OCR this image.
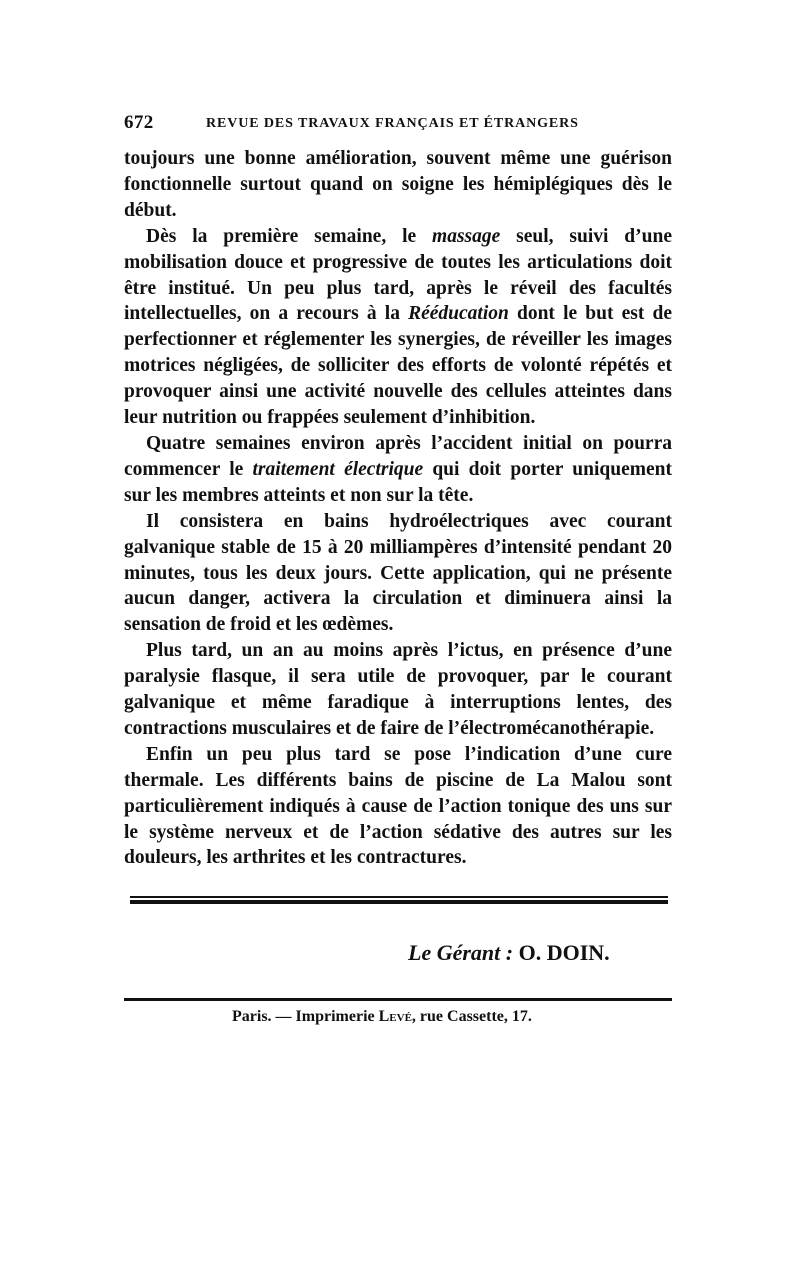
672	REVUE DES TRAVAUX FRANÇAIS ET ÉTRANGERS

toujours une bonne amélioration, souvent même une guérison fonctionnelle surtout quand on soigne les hémiplégiques dès le début.

Dès la première semaine, le massage seul, suivi d’une mobilisation douce et progressive de toutes les articulations doit être institué. Un peu plus tard, après le réveil des facultés intellectuelles, on a recours à la Rééducation dont le but est de perfectionner et réglementer les synergies, de réveiller les images motrices négligées, de solliciter des efforts de volonté répétés et provoquer ainsi une activité nouvelle des cellules atteintes dans leur nutrition ou frappées seulement d’inhibition.

Quatre semaines environ après l’accident initial on pourra commencer le traitement électrique qui doit porter uniquement sur les membres atteints et non sur la tête.

Il consistera en bains hydroélectriques avec courant galvanique stable de 15 à 20 milliampères d’intensité pendant 20 minutes, tous les deux jours. Cette application, qui ne présente aucun danger, activera la circulation et diminuera ainsi la sensation de froid et les œdèmes.

Plus tard, un an au moins après l’ictus, en présence d’une paralysie flasque, il sera utile de provoquer, par le courant galvanique et même faradique à interruptions lentes, des contractions musculaires et de faire de l’électromécanothérapie.

Enfin un peu plus tard se pose l’indication d’une cure thermale. Les différents bains de piscine de La Malou sont particulièrement indiqués à cause de l’action tonique des uns sur le système nerveux et de l’action sédative des autres sur les douleurs, les arthrites et les contractures.

Le Gérant : O. DOIN.
Paris. — Imprimerie Levé, rue Cassette, 17.
